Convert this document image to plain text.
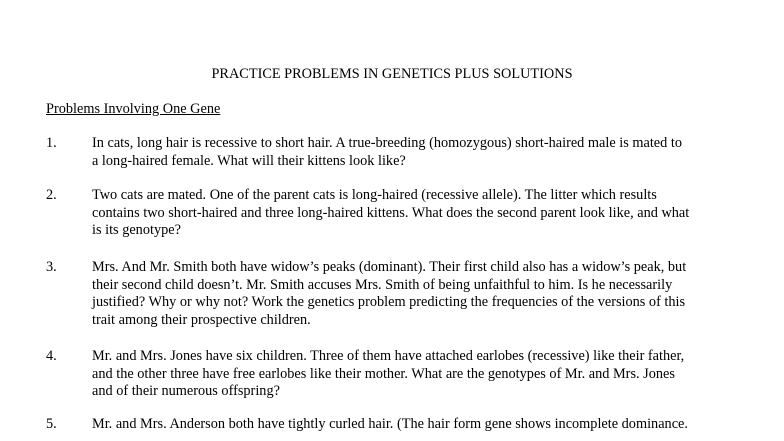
PRACTICE PROBLEMS IN GENETICS PLUS SOLUTIONS
Problems Involving One Gene
1. In cats, long hair is recessive to short hair. A true-breeding (homozygous) short-haired male is mated to
a long-haired female. What will their kittens look like?
2. Two cats are mated. One of the parent cats is long-haired (recessive allele). The litter which results
contains two short-haired and three long-haired kittens. What does the second parent look like, and what
is its genotype?
3. Mrs. And Mr. Smith both have widow’s peaks (dominant). Their first child also has a widow’s peak, but
their second child doesn’t. Mr. Smith accuses Mrs. Smith of being unfaithful to him. Is he necessarily
justified? Why or why not? Work the genetics problem predicting the frequencies of the versions of this
trait among their prospective children.
4. Mr. and Mrs. Jones have six children. Three of them have attached earlobes (recessive) like their father,
and the other three have free earlobes like their mother. What are the genotypes of Mr. and Mrs. Jones
and of their numerous offspring?
5. Mr. and Mrs. Anderson both have tightly curled hair. (The hair form gene shows incomplete dominance.
